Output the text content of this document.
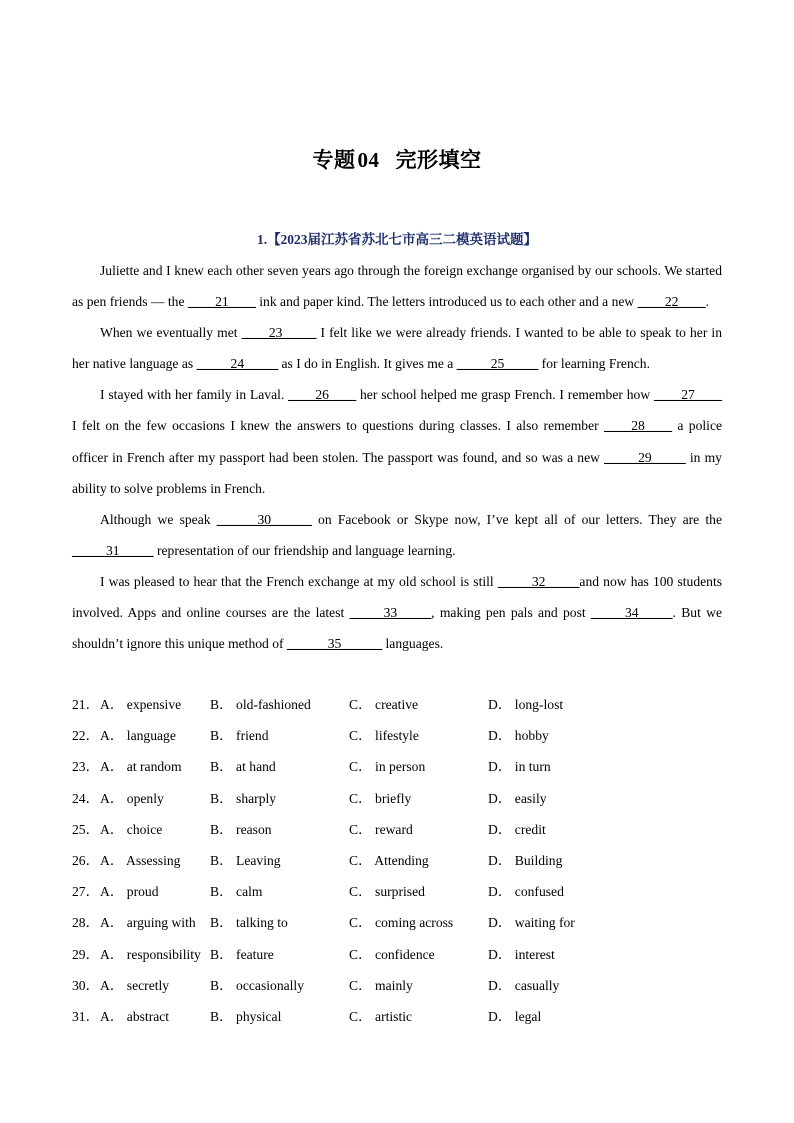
专题04 完形填空
1.【2023届江苏省苏北七市高三二模英语试题】

Juliette and I knew each other seven years ago through the foreign exchange organised by our schools. We started as pen friends — the ____21____ ink and paper kind. The letters introduced us to each other and a new ____22____.

When we eventually met ____23_____ I felt like we were already friends. I wanted to be able to speak to her in her native language as _____24_____ as I do in English. It gives me a _____25_____ for learning French.

I stayed with her family in Laval. ____26____ her school helped me grasp French. I remember how ____27____ I felt on the few occasions I knew the answers to questions during classes. I also remember ____28____ a police officer in French after my passport had been stolen. The passport was found, and so was a new _____29_____ in my ability to solve problems in French.

Although we speak ______30______ on Facebook or Skype now, I’ve kept all of our letters. They are the _____31_____ representation of our friendship and language learning.

I was pleased to hear that the French exchange at my old school is still _____32_____and now has 100 students involved. Apps and online courses are the latest _____33_____, making pen pals and post _____34_____. But we shouldn’t ignore this unique method of ______35______ languages.

21． A． expensive	B． old-fashioned	C． creative	D． long-lost
22． A． language	B． friend	C． lifestyle	D． hobby
23． A． at random	B． at hand	C． in person	D． in turn
24． A． openly	B． sharply	C． briefly	D． easily
25． A． choice	B． reason	C． reward	D． credit
26． A． Assessing	B． Leaving	C． Attending	D． Building
27． A． proud	B． calm	C． surprised	D． confused
28． A． arguing with	B． talking to	C． coming across	D． waiting for
29． A． responsibility B． feature	C． confidence	D． interest
30． A． secretly	B． occasionally	C． mainly	D． casually
31． A． abstract	B． physical	C． artistic	D． legal
